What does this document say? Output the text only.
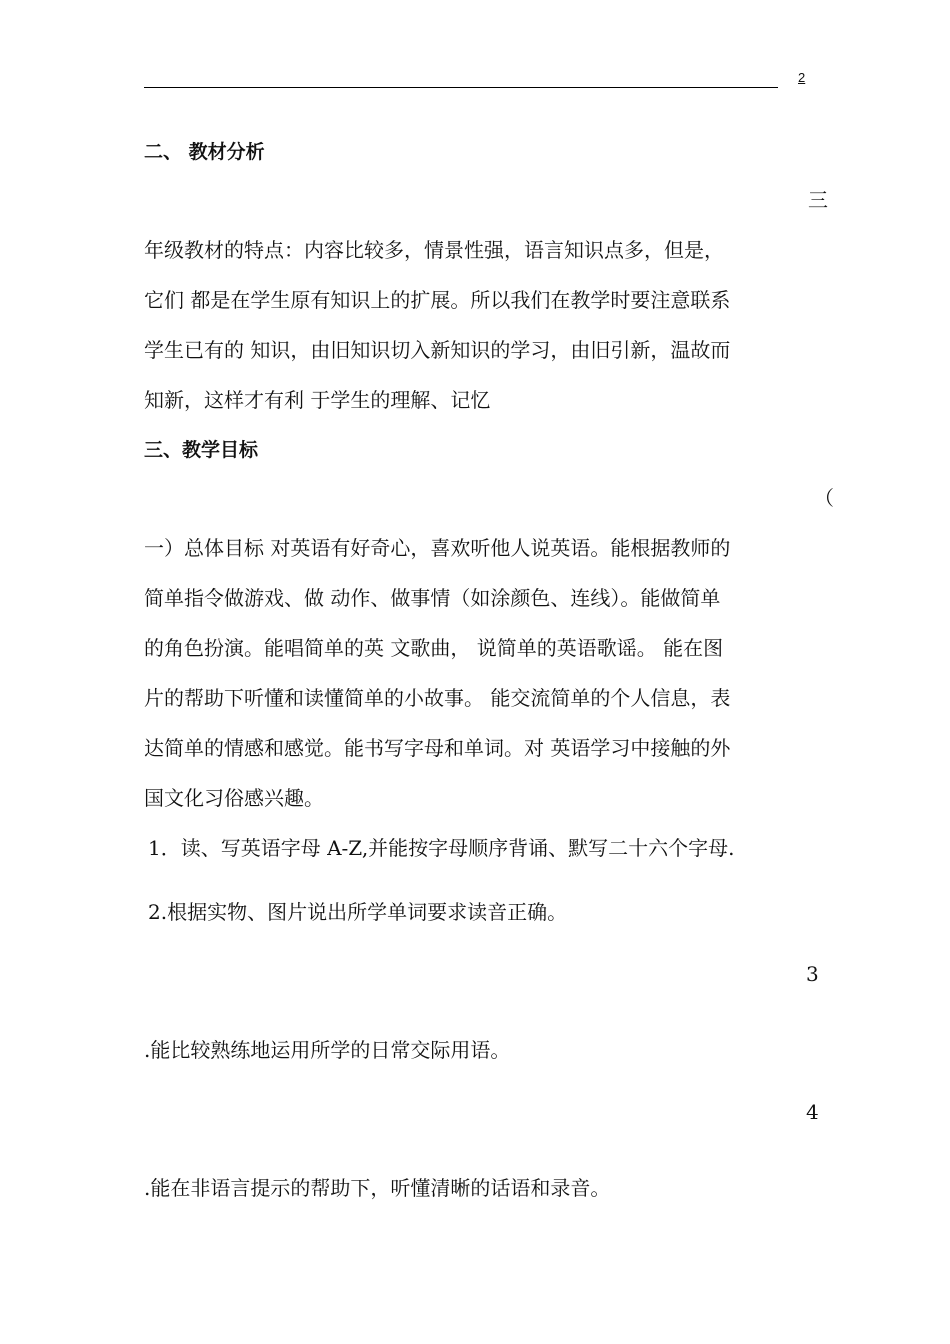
2
二、 教材分析
三
年级教材的特点：内容比较多，情景性强，语言知识点多，但是，
它们 都是在学生原有知识上的扩展。所以我们在教学时要注意联系
学生已有的 知识，由旧知识切入新知识的学习，由旧引新，温故而
知新，这样才有利 于学生的理解、记忆
三、教学目标
（
一）总体目标 对英语有好奇心，喜欢听他人说英语。能根据教师的
简单指令做游戏、做 动作、做事情（如涂颜色、连线）。能做简单
的角色扮演。能唱简单的英 文歌曲， 说简单的英语歌谣。 能在图
片的帮助下听懂和读懂简单的小故事。 能交流简单的个人信息，表
达简单的情感和感觉。能书写字母和单词。对 英语学习中接触的外
国文化习俗感兴趣。
1．读、写英语字母 A-Z,并能按字母顺序背诵、默写二十六个字母.
2.根据实物、图片说出所学单词要求读音正确。
3
.能比较熟练地运用所学的日常交际用语。
4
.能在非语言提示的帮助下，听懂清晰的话语和录音。
